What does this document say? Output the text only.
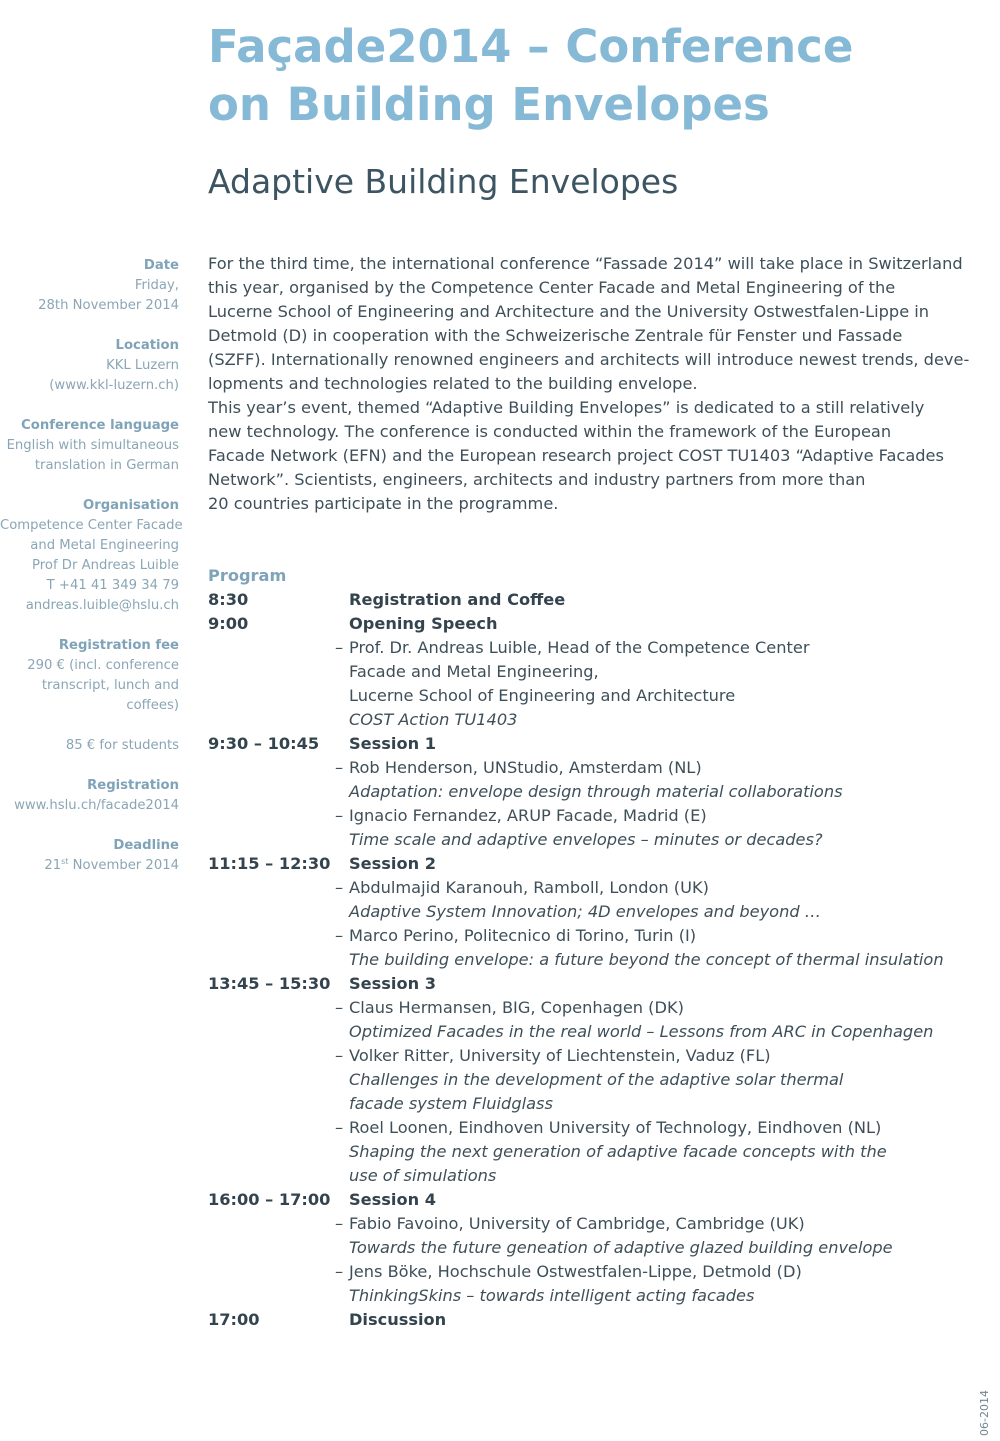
Façade2014 – Conference
on Building Envelopes
Adaptive Building Envelopes
Date
Friday,
28th November 2014
Location
KKL Luzern
(www.kkl-luzern.ch)
Conference language
English with simultaneous
translation in German
Organisation
Competence Center Facade
and Metal Engineering
Prof Dr Andreas Luible
T +41 41 349 34 79
andreas.luible@hslu.ch
Registration fee
290 € (incl. conference
transcript, lunch and
coffees)
85 € for students
Registration
www.hslu.ch/facade2014
Deadline
21st November 2014
For the third time, the international conference “Fassade 2014” will take place in Switzerland
this year, organised by the Competence Center Facade and Metal Engineering of the
Lucerne School of Engineering and Architecture and the University Ostwestfalen-Lippe in
Detmold (D) in cooperation with the Schweizerische Zentrale für Fenster und Fassade
(SZFF). Internationally renowned engineers and architects will introduce newest trends, deve-
lopments and technologies related to the building envelope.
This year’s event, themed “Adaptive Building Envelopes” is dedicated to a still relatively
new technology. The conference is conducted within the framework of the European
Facade Network (EFN) and the European research project COST TU1403 “Adaptive Facades
Network”. Scientists, engineers, architects and industry partners from more than
20 countries participate in the programme.
Program
8:30	Registration and Coffee
9:00	Opening Speech
– Prof. Dr. Andreas Luible, Head of the Competence Center
Facade and Metal Engineering,
Lucerne School of Engineering and Architecture
COST Action TU1403
9:30 – 10:45 Session 1
– Rob Henderson, UNStudio, Amsterdam (NL)
Adaptation: envelope design through material collaborations
– Ignacio Fernandez, ARUP Facade, Madrid (E)
Time scale and adaptive envelopes – minutes or decades?
11:15 – 12:30 Session 2
– Abdulmajid Karanouh, Ramboll, London (UK)
Adaptive System Innovation; 4D envelopes and beyond …
– Marco Perino, Politecnico di Torino, Turin (I)
The building envelope: a future beyond the concept of thermal insulation
13:45 – 15:30 Session 3
– Claus Hermansen, BIG, Copenhagen (DK)
Optimized Facades in the real world – Lessons from ARC in Copenhagen
– Volker Ritter, University of Liechtenstein, Vaduz (FL)
Challenges in the development of the adaptive solar thermal
facade system Fluidglass
– Roel Loonen, Eindhoven University of Technology, Eindhoven (NL)
Shaping the next generation of adaptive facade concepts with the
use of simulations
16:00 – 17:00 Session 4
– Fabio Favoino, University of Cambridge, Cambridge (UK)
Towards the future geneation of adaptive glazed building envelope
– Jens Böke, Hochschule Ostwestfalen-Lippe, Detmold (D)
ThinkingSkins – towards intelligent acting facades
17:00	Discussion
06-2014
